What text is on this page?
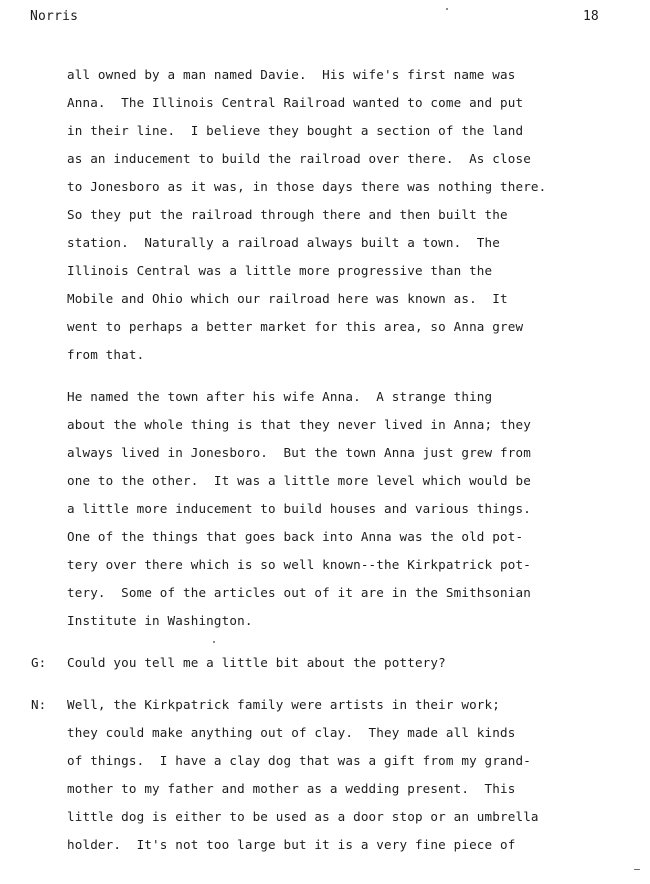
Norris	18
all owned by a man named Davie.  His wife's first name was
Anna.  The Illinois Central Railroad wanted to come and put
in their line.  I believe they bought a section of the land
as an inducement to build the railroad over there.  As close
to Jonesboro as it was, in those days there was nothing there.
So they put the railroad through there and then built the
station.  Naturally a railroad always built a town.  The
Illinois Central was a little more progressive than the
Mobile and Ohio which our railroad here was known as.  It
went to perhaps a better market for this area, so Anna grew
from that.
He named the town after his wife Anna.  A strange thing
about the whole thing is that they never lived in Anna; they
always lived in Jonesboro.  But the town Anna just grew from
one to the other.  It was a little more level which would be
a little more inducement to build houses and various things.
One of the things that goes back into Anna was the old pot-
tery over there which is so well known--the Kirkpatrick pot-
tery.  Some of the articles out of it are in the Smithsonian
Institute in Washington.
G: Could you tell me a little bit about the pottery?
N: Well, the Kirkpatrick family were artists in their work;
they could make anything out of clay.  They made all kinds
of things.  I have a clay dog that was a gift from my grand-
mother to my father and mother as a wedding present.  This
little dog is either to be used as a door stop or an umbrella
holder.  It's not too large but it is a very fine piece of
